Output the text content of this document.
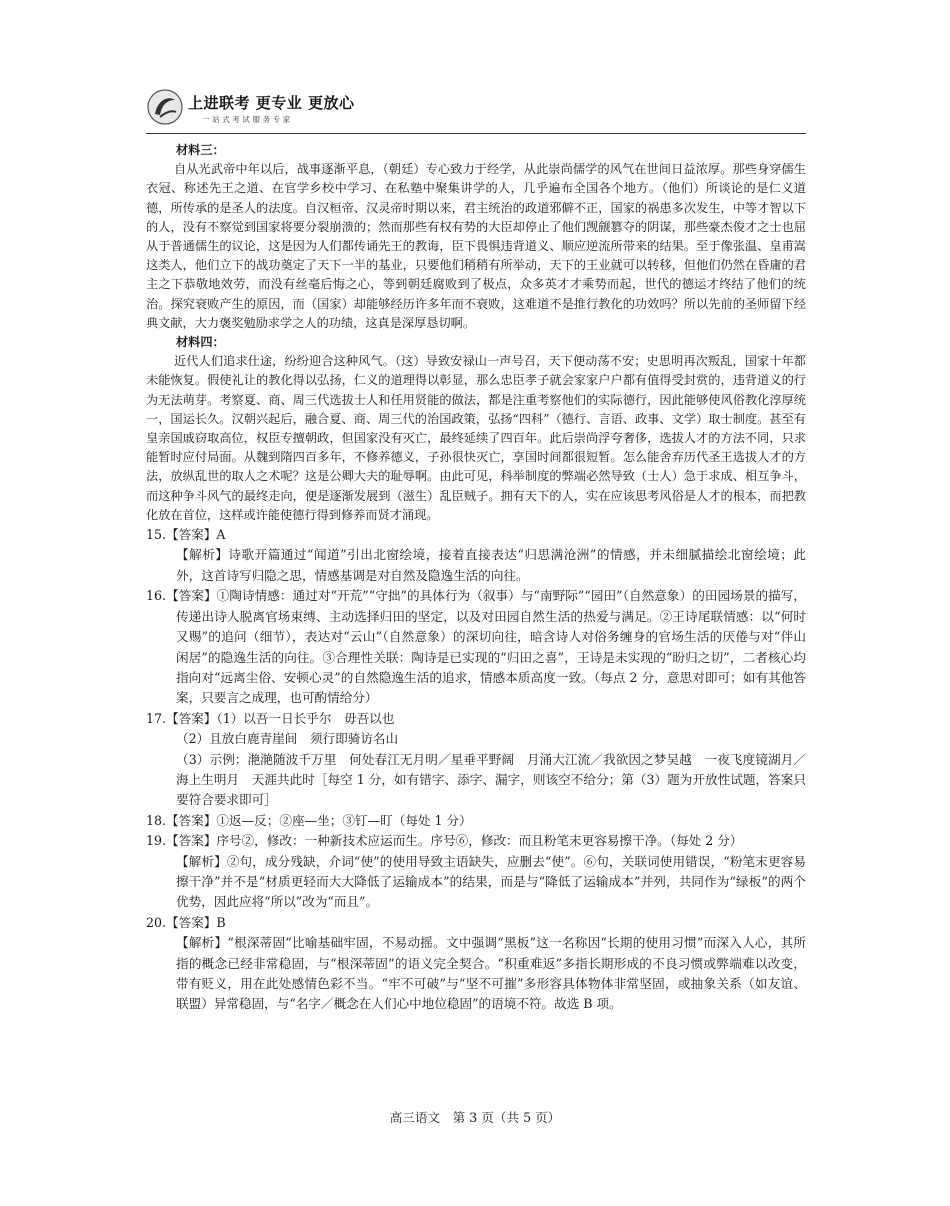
上进联考 更专业 更放心
一站式考试服务专家

材料三：

自从光武帝中年以后，战事逐渐平息，（朝廷）专心致力于经学，从此崇尚儒学的风气在世间日益浓厚。那些身穿儒生衣冠、称述先王之道、在官学乡校中学习、在私塾中聚集讲学的人，几乎遍布全国各个地方。（他们）所谈论的是仁义道德，所传承的是圣人的法度。自汉桓帝、汉灵帝时期以来，君主统治的政道邪僻不正，国家的祸患多次发生，中等才智以下的人，没有不察觉到国家将要分裂崩溃的；然而那些有权有势的大臣却停止了他们觊觎篡夺的阴谋，那些豪杰俊才之士也屈从于普通儒生的议论，这是因为人们都传诵先王的教诲，臣下畏惧违背道义、顺应逆流所带来的结果。至于像张温、皇甫嵩这类人，他们立下的战功奠定了天下一半的基业，只要他们稍稍有所举动，天下的王业就可以转移，但他们仍然在昏庸的君主之下恭敬地效劳，而没有丝毫后悔之心，等到朝廷腐败到了极点，众多英才才乘势而起，世代的德运才终结了他们的统治。探究衰败产生的原因，而（国家）却能够经历许多年而不衰败，这难道不是推行教化的功效吗？所以先前的圣师留下经典文献，大力褒奖勉励求学之人的功绩，这真是深厚恳切啊。

材料四：

近代人们追求仕途，纷纷迎合这种风气。（这）导致安禄山一声号召，天下便动荡不安；史思明再次叛乱，国家十年都未能恢复。假使礼让的教化得以弘扬，仁义的道理得以彰显，那么忠臣孝子就会家家户户都有值得受封赏的，违背道义的行为无法萌芽。考察夏、商、周三代选拔士人和任用贤能的做法，都是注重考察他们的实际德行，因此能够使风俗教化淳厚统一，国运长久。汉朝兴起后，融合夏、商、周三代的治国政策，弘扬“四科”（德行、言语、政事、文学）取士制度。甚至有皇亲国戚窃取高位，权臣专擅朝政，但国家没有灭亡，最终延续了四百年。此后崇尚浮夸奢侈，选拔人才的方法不同，只求能暂时应付局面。从魏到隋四百多年，不修养德义，子孙很快灭亡，享国时间都很短暂。怎么能舍弃历代圣王选拔人才的方法，放纵乱世的取人之术呢？这是公卿大夫的耻辱啊。由此可见，科举制度的弊端必然导致（士人）急于求成、相互争斗，而这种争斗风气的最终走向，便是逐渐发展到（滋生）乱臣贼子。拥有天下的人，实在应该思考风俗是人才的根本，而把教化放在首位，这样或许能使德行得到修养而贤才涌现。

15.【答案】A

【解析】诗歌开篇通过“闻道”引出北窗绘境，接着直接表达“归思满沧洲”的情感，并未细腻描绘北窗绘境；此外，这首诗写归隐之思，情感基调是对自然及隐逸生活的向往。

16.【答案】①陶诗情感：通过对“开荒”“守拙”的具体行为（叙事）与“南野际”“园田”（自然意象）的田园场景的描写，传递出诗人脱离官场束缚、主动选择归田的坚定，以及对田园自然生活的热爱与满足。②王诗尾联情感：以“何时又赐”的追问（细节），表达对“云山”（自然意象）的深切向往，暗含诗人对俗务缠身的官场生活的厌倦与对“伴山闲居”的隐逸生活的向往。③合理性关联：陶诗是已实现的“归田之喜”，王诗是未实现的“盼归之切”，二者核心均指向对“远离尘俗、安顿心灵”的自然隐逸生活的追求，情感本质高度一致。（每点 2 分，意思对即可；如有其他答案，只要言之成理，也可酌情给分）

17.【答案】（1）以吾一日长乎尔　毋吾以也

（2）且放白鹿青崖间　须行即骑访名山

（3）示例：滟滟随波千万里　何处春江无月明／星垂平野阔　月涌大江流／我欲因之梦吴越　一夜飞度镜湖月／海上生明月　天涯共此时［每空 1 分，如有错字、添字、漏字，则该空不给分；第（3）题为开放性试题，答案只要符合要求即可］

18.【答案】①返—反；②座—坐；③钉—盯（每处 1 分）

19.【答案】序号②，修改：一种新技术应运而生。序号⑥，修改：而且粉笔末更容易擦干净。（每处 2 分）

【解析】②句，成分残缺，介词“使”的使用导致主语缺失，应删去“使”。⑥句，关联词使用错误，“粉笔末更容易擦干净”并不是“材质更轻而大大降低了运输成本”的结果，而是与“降低了运输成本”并列，共同作为“绿板”的两个优势，因此应将“所以”改为“而且”。

20.【答案】B

【解析】“根深蒂固”比喻基础牢固，不易动摇。文中强调“黑板”这一名称因“长期的使用习惯”而深入人心，其所指的概念已经非常稳固，与“根深蒂固”的语义完全契合。“积重难返”多指长期形成的不良习惯或弊端难以改变，带有贬义，用在此处感情色彩不当。“牢不可破”与“坚不可摧”多形容具体物体非常坚固，或抽象关系（如友谊、联盟）异常稳固，与“名字／概念在人们心中地位稳固”的语境不符。故选 B 项。

高三语文　第 3 页（共 5 页）
